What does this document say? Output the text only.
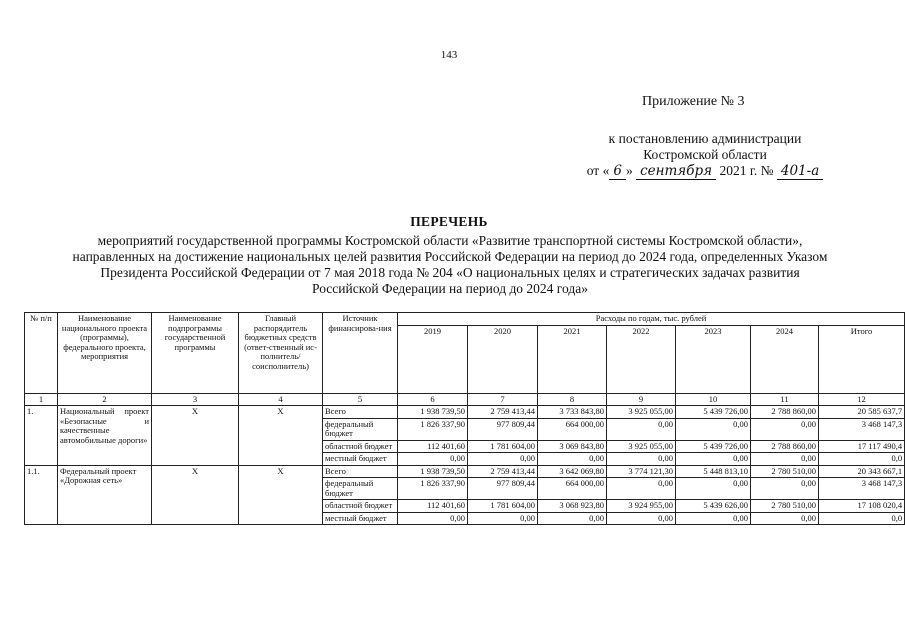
143
Приложение № 3
к постановлению администрации
Костромской области
от « 6 » сентября 2021 г. № 401-а
ПЕРЕЧЕНЬ
мероприятий государственной программы Костромской области «Развитие транспортной системы Костромской области», направленных на достижение национальных целей развития Российской Федерации на период до 2024 года, определенных Указом Президента Российской Федерации от 7 мая 2018 года № 204 «О национальных целях и стратегических задачах развития Российской Федерации на период до 2024 года»
№ п/п	Наименование национального проекта (программы), федерального проекта, мероприятия	Наименование подпрограммы государственной программы	Главный распорядитель бюджетных средств (ответ-ственный ис-полнитель/ соисполнитель)	Источник финансирова-ния	Расходы по годам, тыс. рублей						
					2019	2020	2021	2022	2023	2024	Итого
1	2	3	4	5	6	7	8	9	10	11	12
1.	Национальный проект «Безопасные и качественные автомобильные дороги»	Х	Х	Всего	1 938 739,50	2 759 413,44	3 733 843,80	3 925 055,00	5 439 726,00	2 788 860,00	20 585 637,7
				федеральный бюджет	1 826 337,90	977 809,44	664 000,00	0,00	0,00	0,00	3 468 147,3
				областной бюджет	112 401,60	1 781 604,00	3 069 843,80	3 925 055,00	5 439 726,00	2 788 860,00	17 117 490,4
				местный бюджет	0,00	0,00	0,00	0,00	0,00	0,00	0,0
1.1.	Федеральный проект «Дорожная сеть»	Х	Х	Всего	1 938 739,50	2 759 413,44	3 642 069,80	3 774 121,30	5 448 813,10	2 780 510,00	20 343 667,1
				федеральный бюджет	1 826 337,90	977 809,44	664 000,00	0,00	0,00	0,00	3 468 147,3
				областной бюджет	112 401,60	1 781 604,00	3 068 923,80	3 924 955,00	5 439 626,00	2 780 510,00	17 108 020,4
				местный бюджет	0,00	0,00	0,00	0,00	0,00	0,00	0,0
